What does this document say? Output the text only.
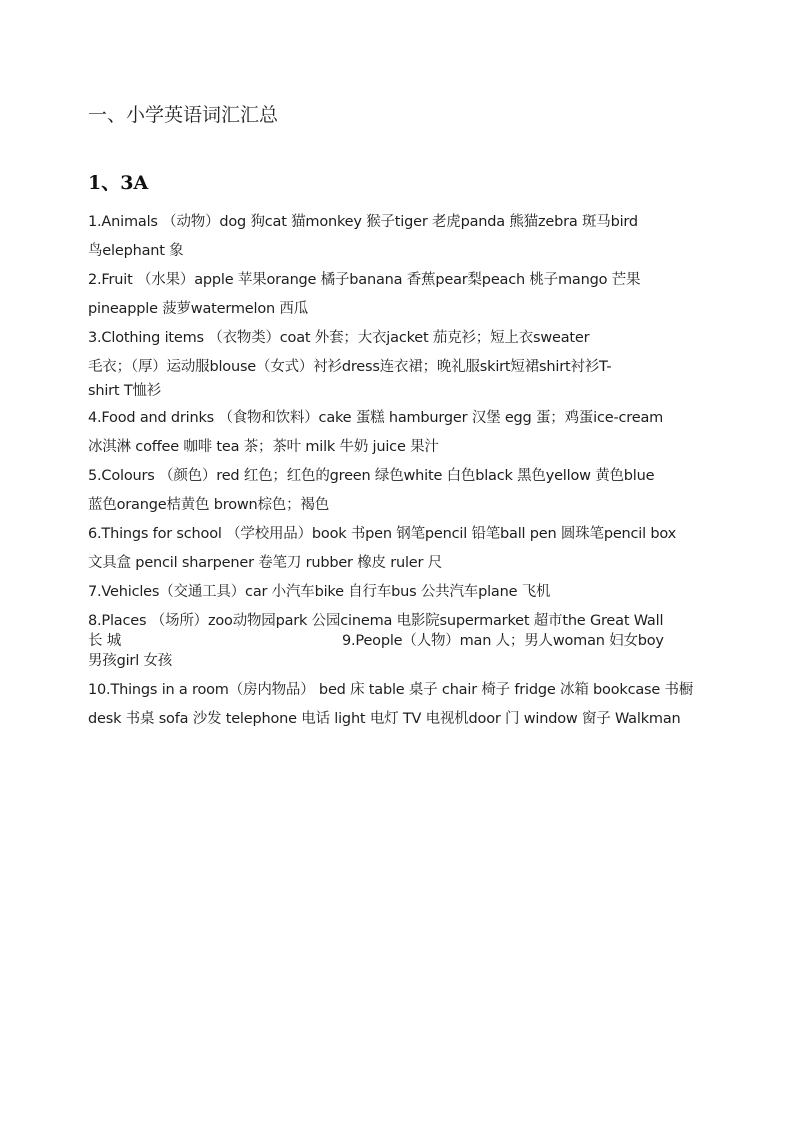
一、小学英语词汇汇总
1、3A
1.Animals （动物）dog 狗cat 猫monkey 猴子tiger 老虎panda 熊猫zebra 斑马bird
鸟elephant 象
2.Fruit （水果）apple 苹果orange 橘子banana 香蕉pear梨peach 桃子mango 芒果
pineapple 菠萝watermelon 西瓜
3.Clothing items （衣物类）coat 外套；大衣jacket 茄克衫；短上衣sweater
毛衣；（厚）运动服blouse（女式）衬衫dress连衣裙；晚礼服skirt短裙shirt衬衫T-
shirt T恤衫
4.Food and drinks （食物和饮料）cake 蛋糕 hamburger 汉堡 egg 蛋；鸡蛋ice-cream
冰淇淋 coffee 咖啡 tea 茶；茶叶 milk 牛奶 juice 果汁
5.Colours （颜色）red 红色；红色的green 绿色white 白色black 黑色yellow 黄色blue
蓝色orange桔黄色 brown棕色；褐色
6.Things for school （学校用品）book 书pen 钢笔pencil 铅笔ball pen 圆珠笔pencil box
文具盒 pencil sharpener 卷笔刀 rubber 橡皮 ruler 尺
7.Vehicles（交通工具）car 小汽车bike 自行车bus 公共汽车plane 飞机
8.Places （场所）zoo动物园park 公园cinema 电影院supermarket 超市the Great Wall
长 城	9.People（人物）man 人；男人woman 妇女boy
男孩girl 女孩
10.Things in a room（房内物品） bed 床 table 桌子 chair 椅子 fridge 冰箱 bookcase 书橱
desk 书桌 sofa 沙发 telephone 电话 light 电灯 TV 电视机door 门 window 窗子 Walkman
